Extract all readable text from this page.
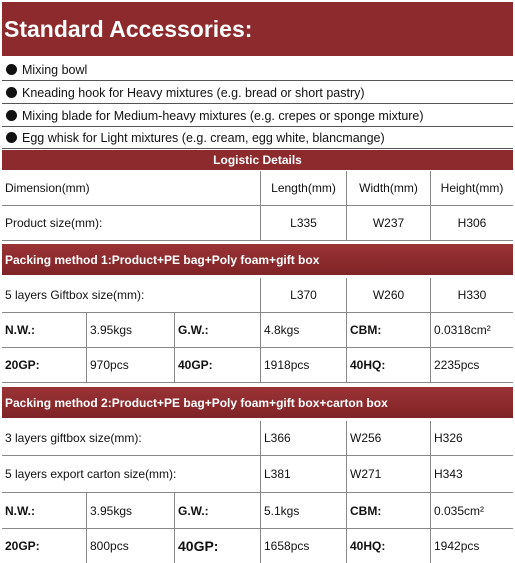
Standard Accessories:
Mixing bowl
Kneading hook for Heavy mixtures (e.g. bread or short pastry)
Mixing blade for Medium-heavy mixtures (e.g. crepes or sponge mixture)
Egg whisk for Light mixtures (e.g. cream, egg white, blancmange)
Logistic Details
Dimension(mm)	Length(mm)	Width(mm)	Height(mm)
Product size(mm):	L335	W237	H306
Packing method 1:Product+PE bag+Poly foam+gift box
5 layers Giftbox size(mm):	L370	W260	H330
N.W.:	3.95kgs	G.W.:	4.8kgs	CBM:	0.0318cm²
20GP:	970pcs	40GP:	1918pcs	40HQ:	2235pcs
Packing method 2:Product+PE bag+Poly foam+gift box+carton box
3 layers giftbox size(mm):	L366	W256	H326
5 layers export carton size(mm):	L381	W271	H343
N.W.:	3.95kgs	G.W.:	5.1kgs	CBM:	0.035cm²
20GP:	800pcs	40GP:	1658pcs	40HQ:	1942pcs
